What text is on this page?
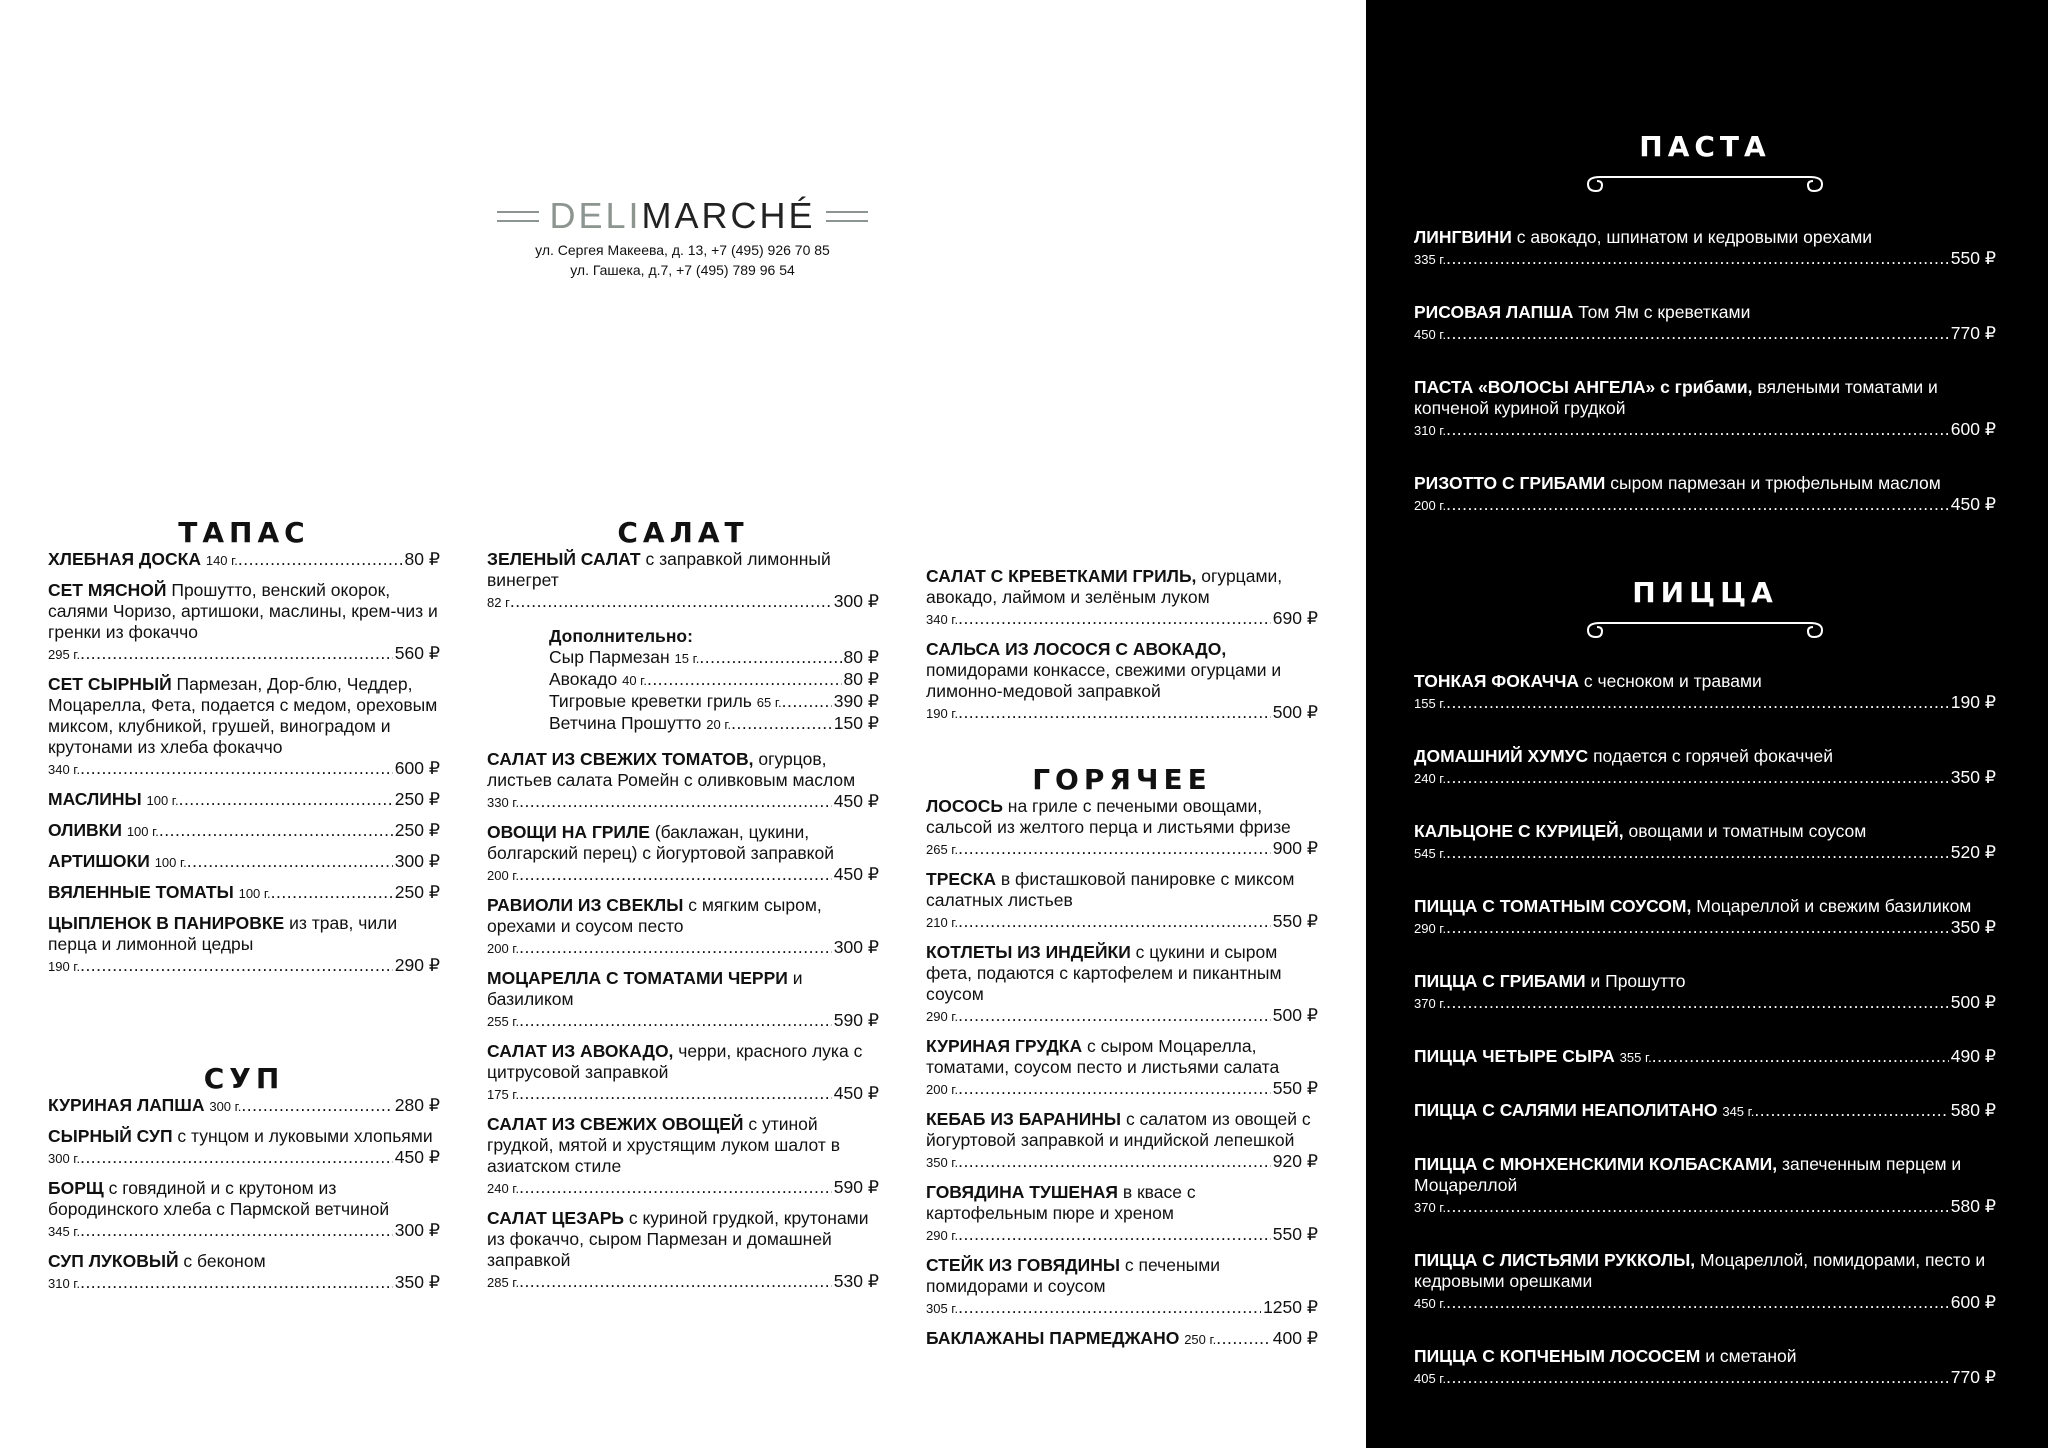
DELIMARCHÉ
ул. Сергея Макеева, д. 13, +7 (495) 926 70 85
ул. Гашека, д.7, +7 (495) 789 96 54
ТАПАС
ХЛЕБНАЯ ДОСКА 140 г. .....	80 ₽
СЕТ МЯСНОЙ Прошутто, венский окорок, салями Чоризо, артишоки, маслины, крем-чиз и гренки из фокаччо
295 г. .....	560 ₽
СЕТ СЫРНЫЙ Пармезан, Дор-блю, Чеддер, Моцарелла, Фета, подается с медом, ореховым миксом, клубникой, грушей, виноградом и крутонами из хлеба фокаччо
340 г. .....	600 ₽
МАСЛИНЫ 100 г. .....	250 ₽
ОЛИВКИ 100 г. .....	250 ₽
АРТИШОКИ 100 г. .....	300 ₽
ВЯЛЕННЫЕ ТОМАТЫ 100 г. .....	250 ₽
ЦЫПЛЕНОК В ПАНИРОВКЕ из трав, чили перца и лимонной цедры
190 г. .....	290 ₽
СУП
КУРИНАЯ ЛАПША 300 г. .....	280 ₽
СЫРНЫЙ СУП с тунцом и луковыми хлопьями
300 г. .....	450 ₽
БОРЩ с говядиной и с крутоном из бородинского хлеба с Пармской ветчиной
345 г. .....	300 ₽
СУП ЛУКОВЫЙ с беконом
310 г. .....	350 ₽
САЛАТ
ЗЕЛЕНЫЙ САЛАТ с заправкой лимонный винегрет
82 г .....	300 ₽
Дополнительно:
Сыр Пармезан 15 г. .....	80 ₽
Авокадо 40 г. .....	80 ₽
Тигровые креветки гриль 65 г. .....	390 ₽
Ветчина Прошутто 20 г. .....	150 ₽
САЛАТ ИЗ СВЕЖИХ ТОМАТОВ, огурцов, листьев салата Ромейн с оливковым маслом
330 г. .....	450 ₽
ОВОЩИ НА ГРИЛЕ (баклажан, цукини, болгарский перец) с йогуртовой заправкой
200 г. .....	450 ₽
РАВИОЛИ ИЗ СВЕКЛЫ с мягким сыром, орехами и соусом песто
200 г. .....	300 ₽
МОЦАРЕЛЛА С ТОМАТАМИ ЧЕРРИ и базиликом
255 г. .....	590 ₽
САЛАТ ИЗ АВОКАДО, черри, красного лука с цитрусовой заправкой
175 г. .....	450 ₽
САЛАТ ИЗ СВЕЖИХ ОВОЩЕЙ с утиной грудкой, мятой и хрустящим луком шалот в азиатском стиле
240 г. .....	590 ₽
САЛАТ ЦЕЗАРЬ с куриной грудкой, крутонами из фокаччо, сыром Пармезан и домашней заправкой
285 г. .....	530 ₽
САЛАТ С КРЕВЕТКАМИ ГРИЛЬ, огурцами, авокадо, лаймом и зелёным луком
340 г. .....	690 ₽
САЛЬСА ИЗ ЛОСОСЯ С АВОКАДО, помидорами конкассе, свежими огурцами и лимонно-медовой заправкой
190 г. .....	500 ₽
ГОРЯЧЕЕ
ЛОСОСЬ на гриле с печеными овощами, сальсой из желтого перца и листьями фризе
265 г. .....	900 ₽
ТРЕСКА в фисташковой панировке с миксом салатных листьев
210 г. .....	550 ₽
КОТЛЕТЫ ИЗ ИНДЕЙКИ с цукини и сыром фета, подаются с картофелем и пикантным соусом
290 г. .....	500 ₽
КУРИНАЯ ГРУДКА с сыром Моцарелла, томатами, соусом песто и листьями салата
200 г. .....	550 ₽
КЕБАБ ИЗ БАРАНИНЫ с салатом из овощей с йогуртовой заправкой и индийской лепешкой
350 г. .....	920 ₽
ГОВЯДИНА ТУШЕНАЯ в квасе с картофельным пюре и хреном
290 г. .....	550 ₽
СТЕЙК ИЗ ГОВЯДИНЫ с печеными помидорами и соусом
305 г. .....	1250 ₽
БАКЛАЖАНЫ ПАРМЕДЖАНО 250 г. .....	400 ₽
ПАСТА
ЛИНГВИНИ с авокадо, шпинатом и кедровыми орехами
335 г. .....	550 ₽
РИСОВАЯ ЛАПША Том Ям с креветками
450 г. .....	770 ₽
ПАСТА «ВОЛОСЫ АНГЕЛА» с грибами, вялеными томатами и копченой куриной грудкой
310 г. .....	600 ₽
РИЗОТТО С ГРИБАМИ сыром пармезан и трюфельным маслом
200 г. .....	450 ₽
ПИЦЦА
ТОНКАЯ ФОКАЧЧА с чесноком и травами
155 г. .....	190 ₽
ДОМАШНИЙ ХУМУС подается с горячей фокаччей
240 г. .....	350 ₽
КАЛЬЦОНЕ С КУРИЦЕЙ, овощами и томатным соусом
545 г. .....	520 ₽
ПИЦЦА С ТОМАТНЫМ СОУСОМ, Моцареллой и свежим базиликом
290 г. .....	350 ₽
ПИЦЦА С ГРИБАМИ и Прошутто
370 г. .....	500 ₽
ПИЦЦА ЧЕТЫРЕ СЫРА 355 г. .....	490 ₽
ПИЦЦА С САЛЯМИ НЕАПОЛИТАНО 345 г. .....	580 ₽
ПИЦЦА С МЮНХЕНСКИМИ КОЛБАСКАМИ, запеченным перцем и Моцареллой
370 г. .....	580 ₽
ПИЦЦА С ЛИСТЬЯМИ РУККОЛЫ, Моцареллой, помидорами, песто и кедровыми орешками
450 г. .....	600 ₽
ПИЦЦА С КОПЧЕНЫМ ЛОСОСЕМ и сметаной
405 г. .....	770 ₽
